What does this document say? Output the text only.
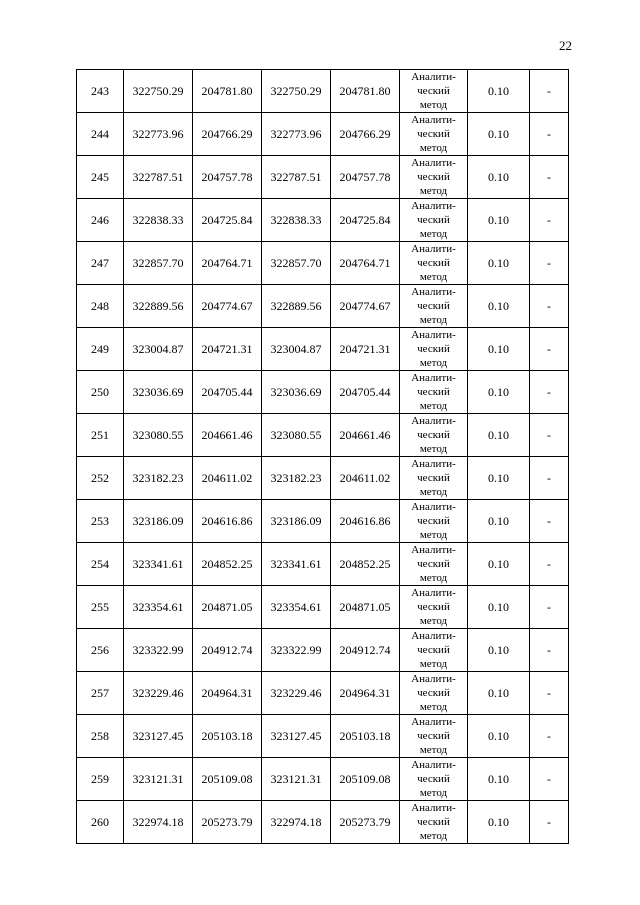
22
243	322750.29	204781.80	322750.29	204781.80	Аналити-
ческий
метод	0.10	-
244	322773.96	204766.29	322773.96	204766.29	Аналити-
ческий
метод	0.10	-
245	322787.51	204757.78	322787.51	204757.78	Аналити-
ческий
метод	0.10	-
246	322838.33	204725.84	322838.33	204725.84	Аналити-
ческий
метод	0.10	-
247	322857.70	204764.71	322857.70	204764.71	Аналити-
ческий
метод	0.10	-
248	322889.56	204774.67	322889.56	204774.67	Аналити-
ческий
метод	0.10	-
249	323004.87	204721.31	323004.87	204721.31	Аналити-
ческий
метод	0.10	-
250	323036.69	204705.44	323036.69	204705.44	Аналити-
ческий
метод	0.10	-
251	323080.55	204661.46	323080.55	204661.46	Аналити-
ческий
метод	0.10	-
252	323182.23	204611.02	323182.23	204611.02	Аналити-
ческий
метод	0.10	-
253	323186.09	204616.86	323186.09	204616.86	Аналити-
ческий
метод	0.10	-
254	323341.61	204852.25	323341.61	204852.25	Аналити-
ческий
метод	0.10	-
255	323354.61	204871.05	323354.61	204871.05	Аналити-
ческий
метод	0.10	-
256	323322.99	204912.74	323322.99	204912.74	Аналити-
ческий
метод	0.10	-
257	323229.46	204964.31	323229.46	204964.31	Аналити-
ческий
метод	0.10	-
258	323127.45	205103.18	323127.45	205103.18	Аналити-
ческий
метод	0.10	-
259	323121.31	205109.08	323121.31	205109.08	Аналити-
ческий
метод	0.10	-
260	322974.18	205273.79	322974.18	205273.79	Аналити-
ческий
метод	0.10	-
